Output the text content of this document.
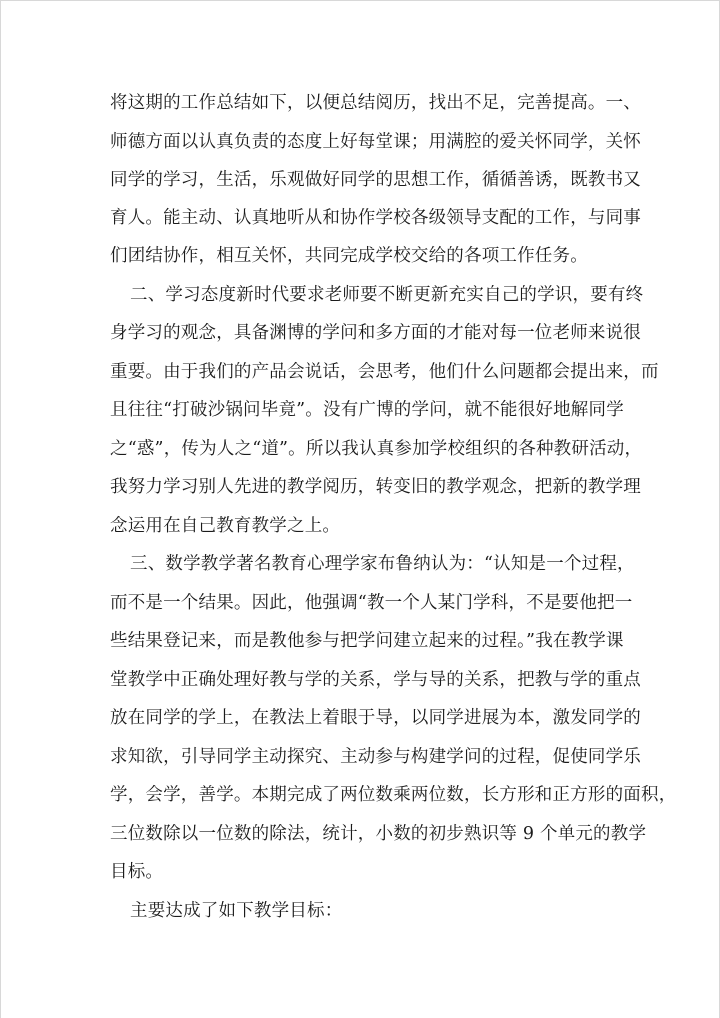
将这期的工作总结如下，以便总结阅历，找出不足，完善提高。一、
师德方面以认真负责的态度上好每堂课；用满腔的爱关怀同学，关怀
同学的学习，生活，乐观做好同学的思想工作，循循善诱，既教书又
育人。能主动、认真地听从和协作学校各级领导支配的工作，与同事
们团结协作，相互关怀，共同完成学校交给的各项工作任务。
二、学习态度新时代要求老师要不断更新充实自己的学识，要有终
身学习的观念，具备渊博的学问和多方面的才能对每一位老师来说很
重要。由于我们的产品会说话，会思考，他们什么问题都会提出来，而
且往往“打破沙锅问毕竟”。没有广博的学问，就不能很好地解同学
之“惑”，传为人之“道”。所以我认真参加学校组织的各种教研活动，
我努力学习别人先进的教学阅历，转变旧的教学观念，把新的教学理
念运用在自己教育教学之上。
三、数学教学著名教育心理学家布鲁纳认为：“认知是一个过程，
而不是一个结果。因此，他强调“教一个人某门学科，不是要他把一
些结果登记来，而是教他参与把学问建立起来的过程。”我在教学课
堂教学中正确处理好教与学的关系，学与导的关系，把教与学的重点
放在同学的学上，在教法上着眼于导，以同学进展为本，激发同学的
求知欲，引导同学主动探究、主动参与构建学问的过程，促使同学乐
学，会学，善学。本期完成了两位数乘两位数，长方形和正方形的面积，
三位数除以一位数的除法，统计，小数的初步熟识等 9 个单元的教学
目标。
主要达成了如下教学目标：
